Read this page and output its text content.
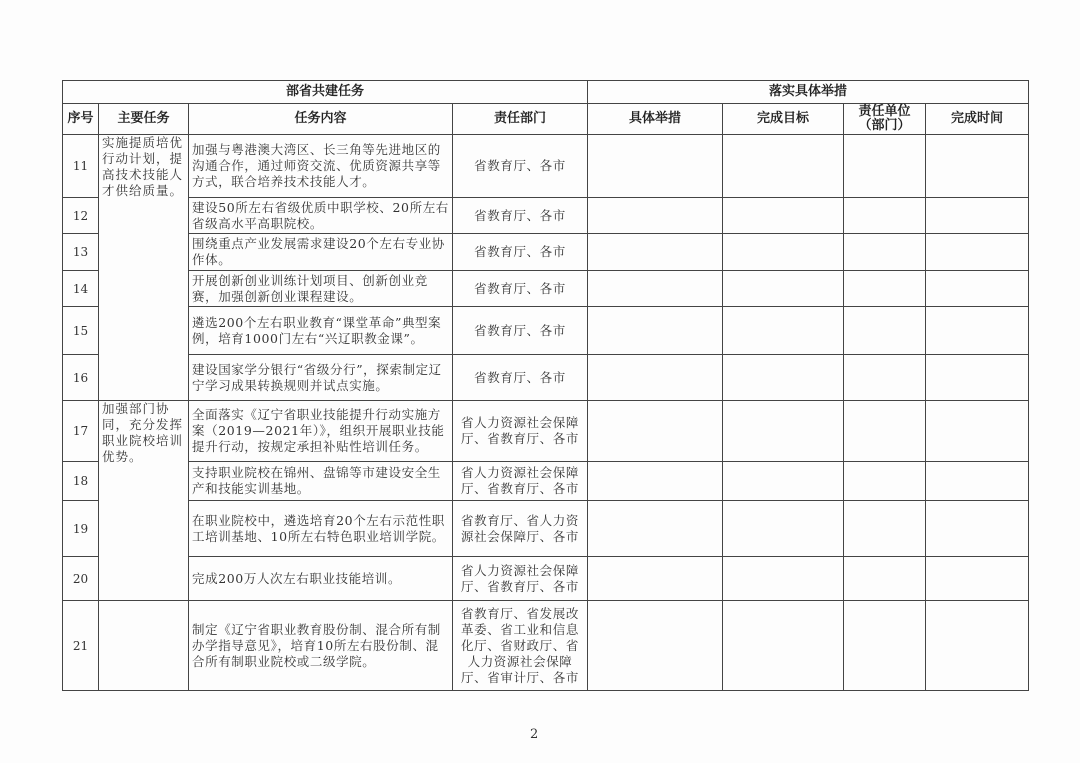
部省共建任务				落实具体举措			
序号	主要任务	任务内容	责任部门	具体举措	完成目标	责任单位（部门）	完成时间
11	实施提质培优行动计划，提高技术技能人才供给质量。	加强与粤港澳大湾区、长三角等先进地区的沟通合作，通过师资交流、优质资源共享等方式，联合培养技术技能人才。	省教育厅、各市				
12		建设50所左右省级优质中职学校、20所左右省级高水平高职院校。	省教育厅、各市				
13		围绕重点产业发展需求建设20个左右专业协作体。	省教育厅、各市				
14		开展创新创业训练计划项目、创新创业竞赛，加强创新创业课程建设。	省教育厅、各市				
15		遴选200个左右职业教育“课堂革命”典型案例，培育1000门左右“兴辽职教金课”。	省教育厅、各市				
16		建设国家学分银行“省级分行”，探索制定辽宁学习成果转换规则并试点实施。	省教育厅、各市				
17	加强部门协同，充分发挥职业院校培训优势。	全面落实《辽宁省职业技能提升行动实施方案（2019—2021年）》，组织开展职业技能提升行动，按规定承担补贴性培训任务。	省人力资源社会保障厅、省教育厅、各市				
18		支持职业院校在锦州、盘锦等市建设安全生产和技能实训基地。	省人力资源社会保障厅、省教育厅、各市				
19		在职业院校中，遴选培育20个左右示范性职工培训基地、10所左右特色职业培训学院。	省教育厅、省人力资源社会保障厅、各市				
20		完成200万人次左右职业技能培训。	省人力资源社会保障厅、省教育厅、各市				
21		制定《辽宁省职业教育股份制、混合所有制办学指导意见》，培育10所左右股份制、混合所有制职业院校或二级学院。	省教育厅、省发展改革委、省工业和信息化厅、省财政厅、省人力资源社会保障厅、省审计厅、各市				
2
